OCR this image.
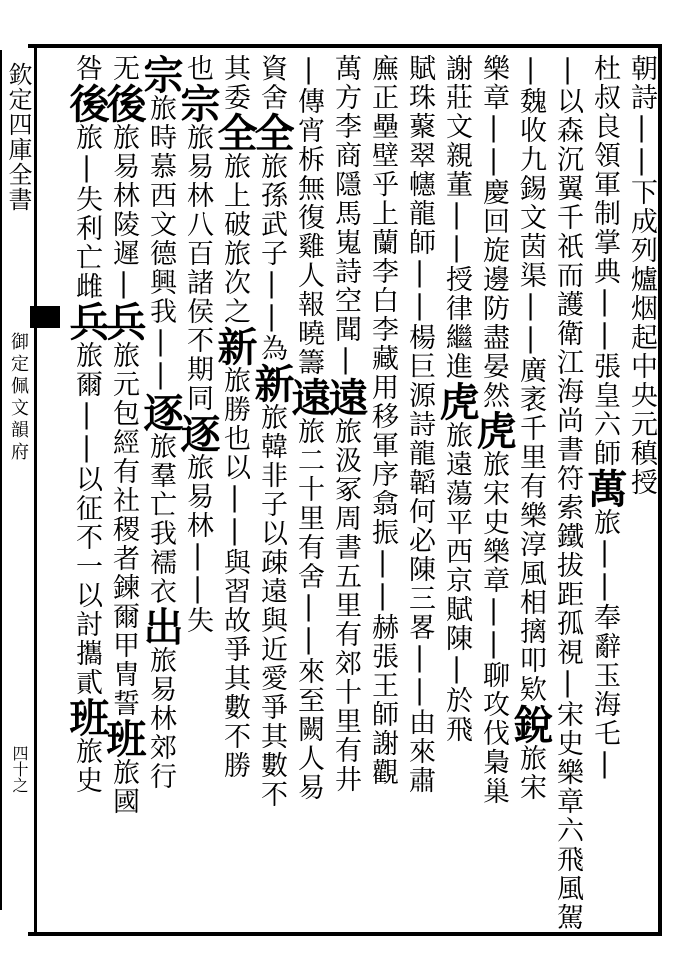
欽定四庫全書
御定佩文韻府
四十之
朝詩||下成列爐烟起中央元稹授
杜叔良領軍制掌典||張皇六師萬旅||奉辭玉海乇|
|以森沉翼千祇而護衛江海尚書符索鐵拔距孤視|宋史樂章六飛風駕
|魏收九錫文茵渠||廣袤千里有樂淳風相摛叩欵銳旅宋
樂章||慶回旋邊防盡晏然虎旅宋史樂章||聊攻伐梟巢
謝莊文親董||授律繼進虎旅遠蕩平西京賦陳|於飛
賦珠藂翠幰龍師||楊巨源詩龍韜何必陳三畧||由來肅
廡正壘壁乎上蘭李白李藏用移軍序翕振||赫張王師謝觀
萬方李商隱馬嵬詩空聞|遠旅汲冢周書五里有郊十里有井
|傳宵柝無復雞人報曉籌遠旅二十里有舍||來至闕人易
資舍全旅孫武子||為新旅韓非子以疎遠與近愛爭其數不
其委全旅上破旅次之新旅勝也以||與習故爭其數不勝
也宗旅易林八百諸侯不期同逐旅易林||失
宗旅時慕西文德興我||逐旅羣亡我襦衣出旅易林郊行
无後旅易林陵遲|兵旅元包經有社稷者鍊爾甲冑誓班旅國
咎後旅|失利亡雌兵旅爾||以征不一以討攜貳班旅史
